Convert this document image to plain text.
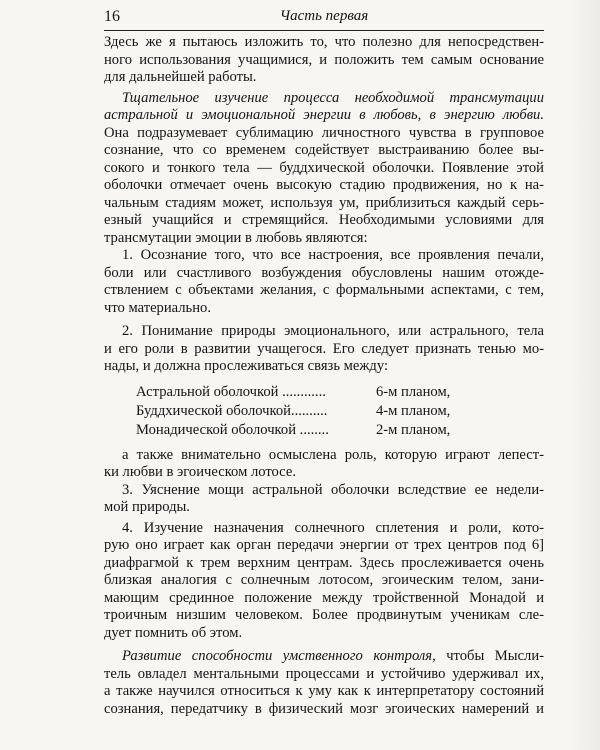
16	Часть первая
Здесь же я пытаюсь изложить то, что полезно для непосредствен-
ного использования учащимися, и положить тем самым основание
для дальнейшей работы.
Тщательное изучение процесса необходимой трансмутации
астральной и эмоциональной энергии в любовь, в энергию любви.
Она подразумевает сублимацию личностного чувства в групповое
сознание, что со временем содействует выстраиванию более вы-
сокого и тонкого тела — буддхической оболочки. Появление этой
оболочки отмечает очень высокую стадию продвижения, но к на-
чальным стадиям может, используя ум, приблизиться каждый серь-
езный учащийся и стремящийся. Необходимыми условиями для
трансмутации эмоции в любовь являются:
1. Осознание того, что все настроения, все проявления печали,
боли или счастливого возбуждения обусловлены нашим отожде-
ствлением с объектами желания, с формальными аспектами, с тем,
что материально.
2. Понимание природы эмоционального, или астрального, тела
и его роли в развитии учащегося. Его следует признать тенью мо-
нады, и должна прослеживаться связь между:
Астральной оболочкой ............	6-м планом,
Буддхической оболочкой..........	4-м планом,
Монадической оболочкой ........	2-м планом,
а также внимательно осмыслена роль, которую играют лепест-
ки любви в эгоическом лотосе.
3. Уяснение мощи астральной оболочки вследствие ее недели-
мой природы.
4. Изучение назначения солнечного сплетения и роли, кото-
рую оно играет как орган передачи энергии от трех центров под 6]
диафрагмой к трем верхним центрам. Здесь прослеживается очень
близкая аналогия с солнечным лотосом, эгоическим телом, зани-
мающим срединное положение между тройственной Монадой и
троичным низшим человеком. Более продвинутым ученикам сле-
дует помнить об этом.
Развитие способности умственного контроля, чтобы Мысли-
тель овладел ментальными процессами и устойчиво удерживал их,
а также научился относиться к уму как к интерпретатору состояний
сознания, передатчику в физический мозг эгоических намерений и
